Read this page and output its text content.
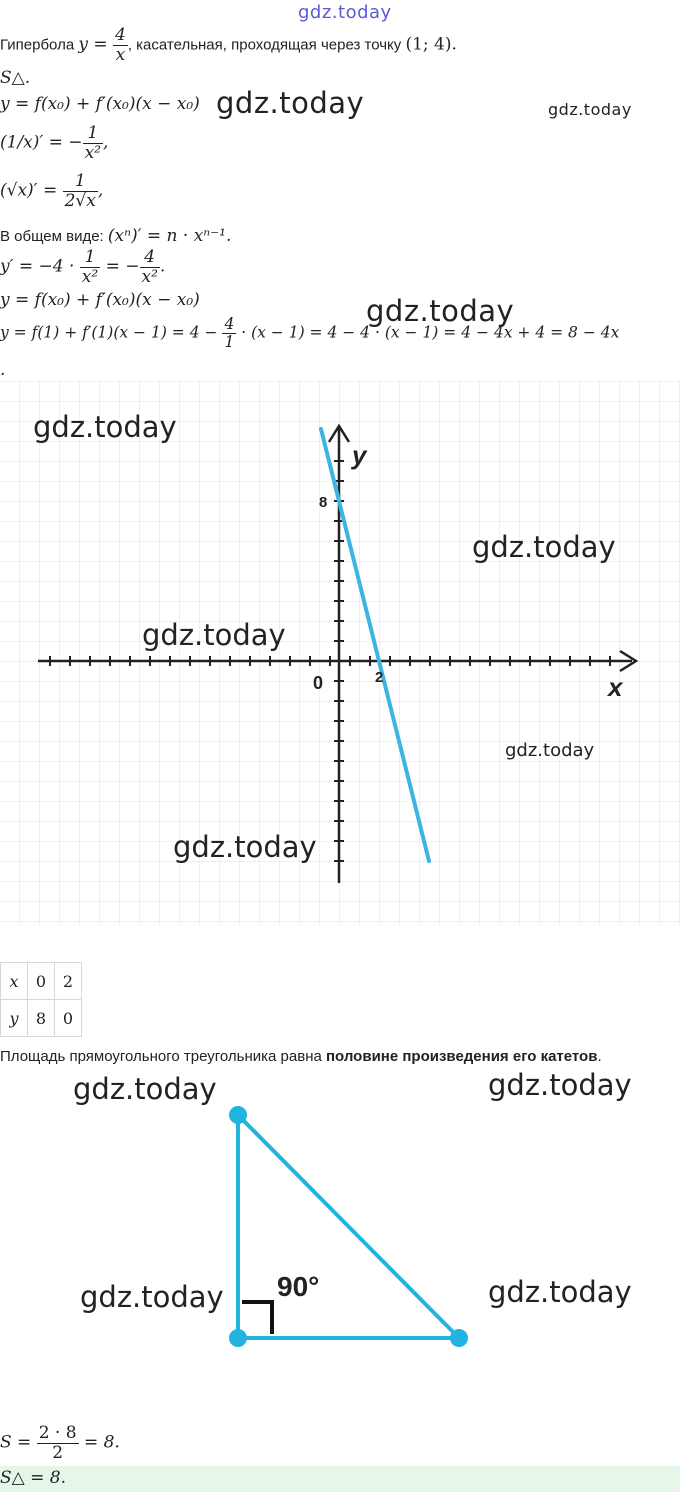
gdz.today
Гипербола $y = \frac{4}{x}$ , касательная, проходящая через точку (1; 4).
S△.
y = f(x₀) + f′(x₀)(x − x₀) gdz.today	gdz.today
(1/x)′ = − $\frac{1}{\text{x²}}$ ,
$(√x)' = \frac{1}{2√x}$ ,
В общем виде: (xⁿ)′ = n · xⁿ⁻¹.
$y' = -4 \cdot \frac{1}{\text{x²}}$ = − $\frac{4}{\text{x²}}$ .
y = f(x₀) + f′(x₀)(x − x₀)	gdz.today
$y = f(1) + f'(1)(x - 1) = 4 - \frac{4}{1} \cdot (x - 1) = 4 - 4 \cdot (x - 1) = 4 - 4x + 4 = 8 - 4x$
.
y
x
0	2
8
gdz.today
gdz.today
gdz.today
gdz.today
gdz.today
x	0	2
y	8	0
Площадь прямоугольного треугольника равна половине произведения его катетов.
gdz.today	gdz.today
gdz.today	gdz.today
90°
$S = \frac{2 \cdot 8}{2} = 8$.
S△ = 8.
